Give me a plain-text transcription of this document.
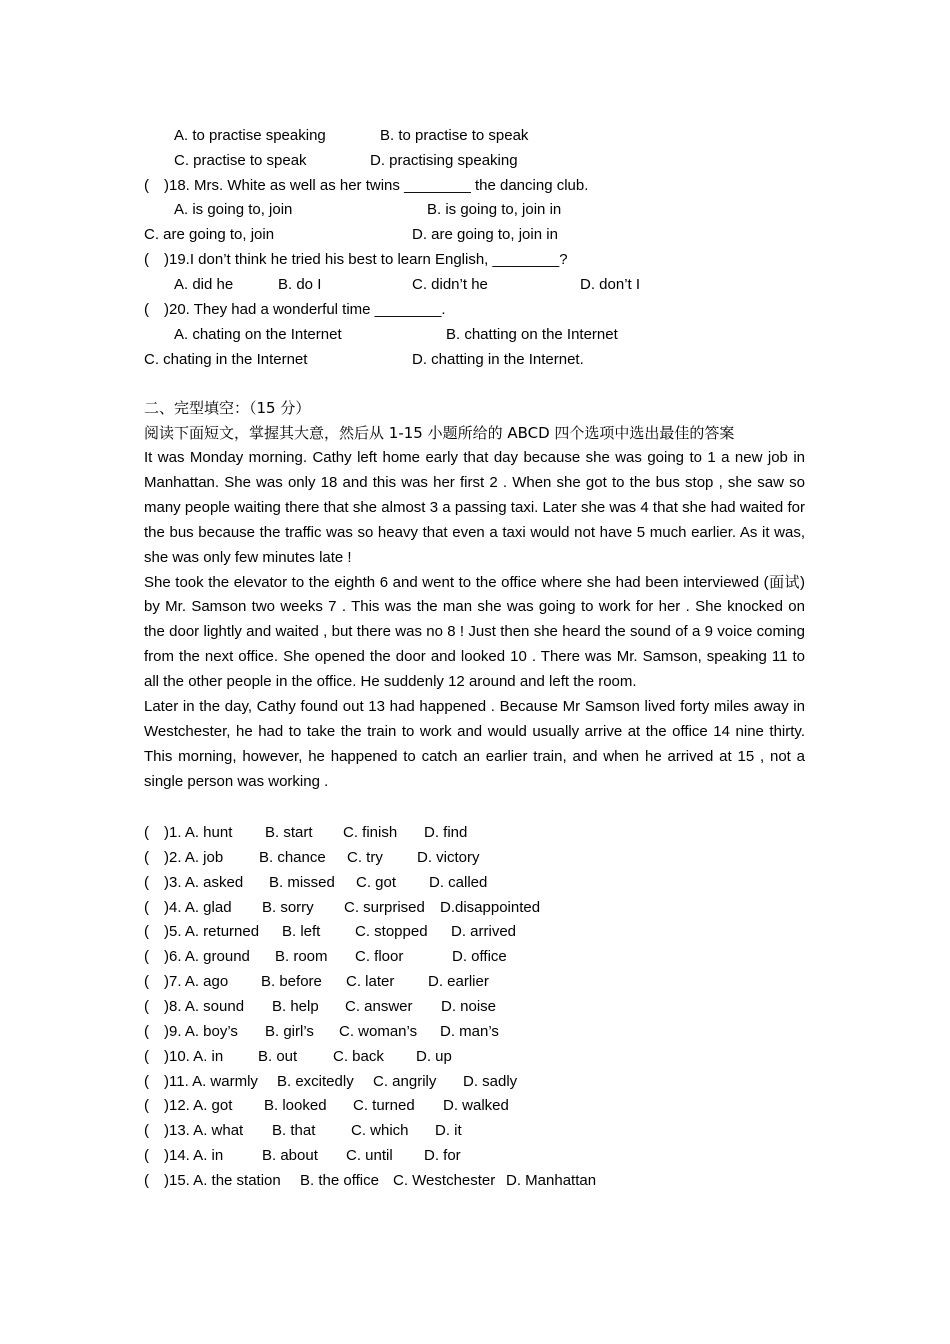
A. to practise speaking

	B. to practise to speak

C. practise to speak

	D. practising speaking

(

)18. Mrs. White as well as her twins ________ the dancing club.

A. is going to, join

	B. is going to, join in

C. are going to, join

	D. are going to, join in

(

)19.I don’t think he tried his best to learn English, ________?

A. did he

	B. do I

	C. didn’t he

	D. don’t I

(

)20. They had a wonderful time ________.

A. chating on the Internet

	B. chatting on the Internet

C. chating in the Internet

	D. chatting in the Internet.

二、完型填空：（15 分）

阅读下面短文，掌握其大意，然后从 1-15 小题所给的 ABCD 四个选项中选出最佳的答案

It was Monday morning. Cathy left home early that day because she was going to 1 a new job in Manhattan. She was only 18 and this was her first 2 . When she got to the bus stop , she saw so many people waiting there that she almost 3 a passing taxi. Later she was 4 that she had waited for the bus because the traffic was so heavy that even a taxi would not have 5 much earlier. As it was, she was only few minutes late !

She took the elevator to the eighth 6 and went to the office where she had been interviewed (面试) by Mr. Samson two weeks 7 . This was the man she was going to work for her . She knocked on the door lightly and waited , but there was no 8 ! Just then she heard the sound of a 9 voice coming from the next office. She opened the door and looked 10 . There was Mr. Samson, speaking 11 to all the other people in the office. He suddenly 12 around and left the room.

Later in the day, Cathy found out 13 had happened . Because Mr Samson lived forty miles away in Westchester, he had to take the train to work and would usually arrive at the office 14 nine thirty. This morning, however, he happened to catch an earlier train, and when he arrived at 15 , not a single person was working .

( )1. A. hunt B. start C. finish D. find
( )2. A. job B. chance C. try D. victory
( )3. A. asked B. missed C. got D. called
( )4. A. glad B. sorry C. surprised D.disappointed
( )5. A. returned B. left C. stopped D. arrived
( )6. A. ground B. room C. floor	D. office
( )7. A. ago B. before C. later D. earlier
( )8. A. sound B. help C. answer D. noise
( )9. A. boy’s B. girl’s C. woman’s D. man’s
( )10. A. in B. out C. back D. up
( )11. A. warmly B. excitedly C. angrily D. sadly
( )12. A. got B. looked C. turned D. walked
( )13. A. what B. that C. which D. it
( )14. A. in	B. about C. until D. for
( )15. A. the station B. the office C. Westchester D. Manhattan
